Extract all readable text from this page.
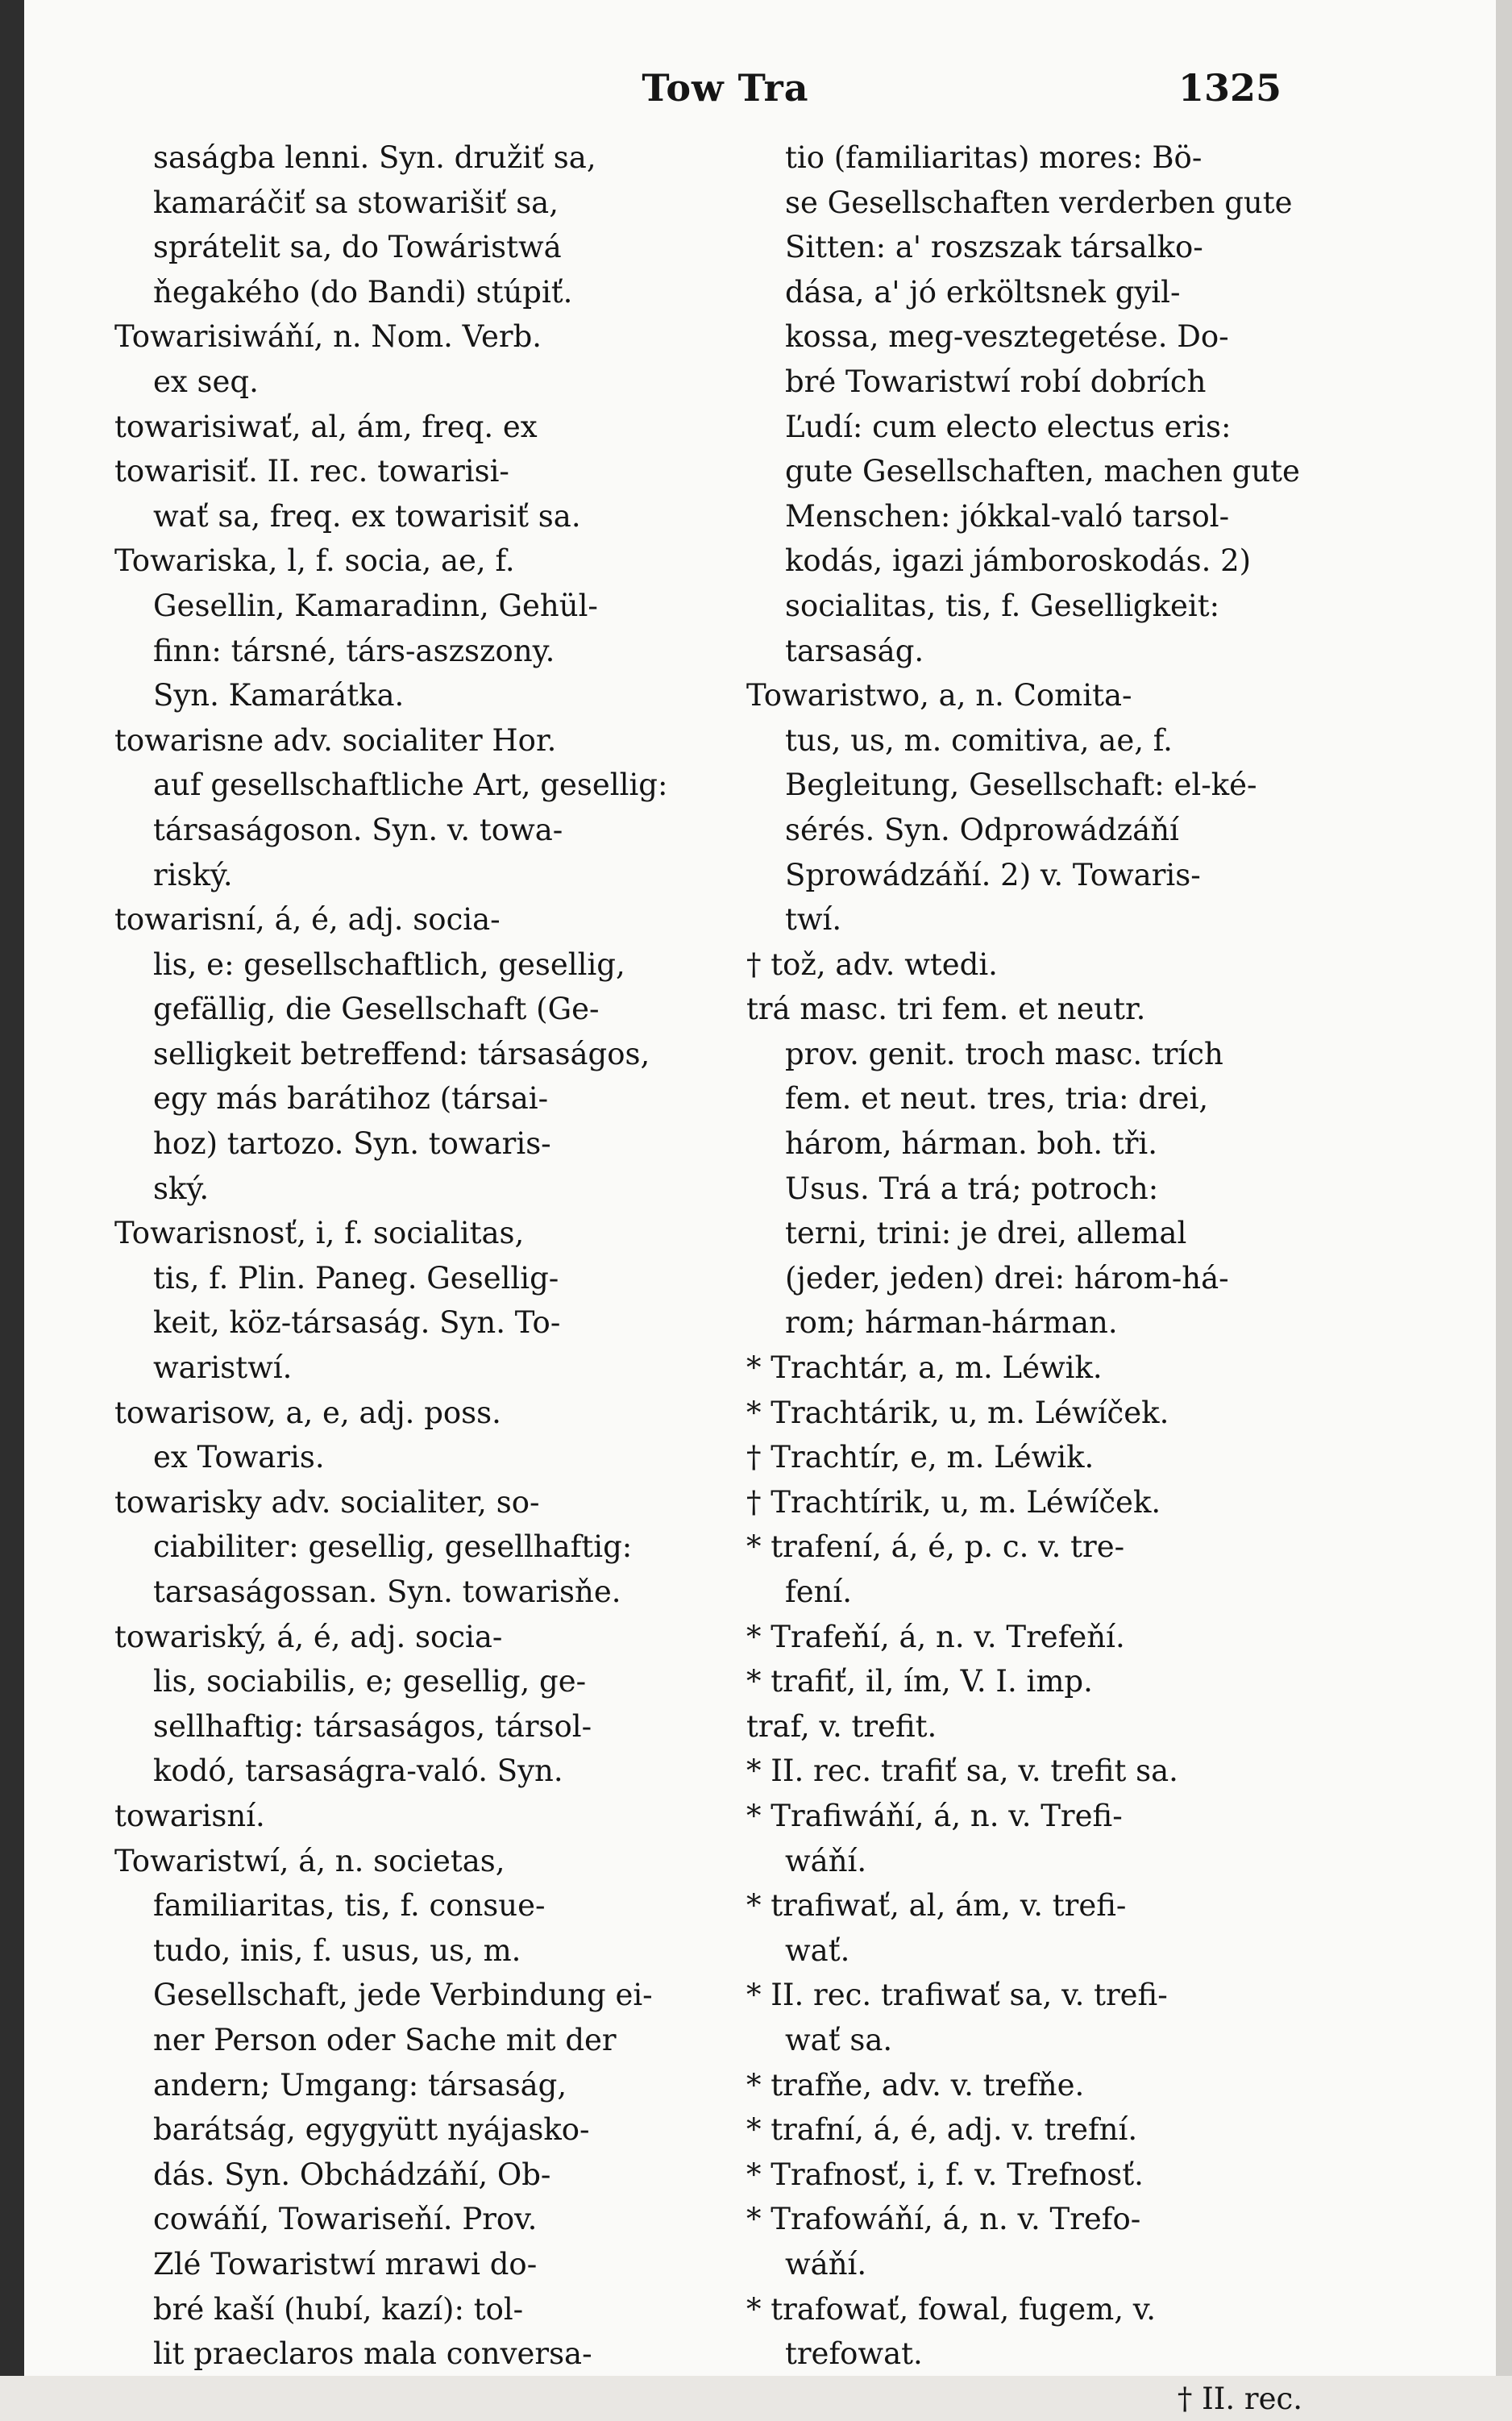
Tow Tra	1325
saságba lenni. Syn. družiť sa,
kamaráčiť sa stowarišiť sa,
sprátelit sa, do Towáristwá
ňegakého (do Bandi) stúpiť.
Towarisiwáňí, n. Nom. Verb.
ex seq.
towarisiwať, al, ám, freq. ex
towarisiť. II. rec. towarisi-
wať sa, freq. ex towarisiť sa.
Towariska, l, f. socia, ae, f.
Gesellin, Kamaradinn, Gehül-
finn: társné, társ-aszszony.
Syn. Kamarátka.
towarisne adv. socialiter Hor.
auf gesellschaftliche Art, gesellig:
társaságoson. Syn. v. towa-
riský.
towarisní, á, é, adj. socia-
lis, e: gesellschaftlich, gesellig,
gefällig, die Gesellschaft (Ge-
selligkeit betreffend: társaságos,
egy más barátihoz (társai-
hoz) tartozo. Syn. towaris-
ský.
Towarisnosť, i, f. socialitas,
tis, f. Plin. Paneg. Gesellig-
keit, köz-társaság. Syn. To-
waristwí.
towarisow, a, e, adj. poss.
ex Towaris.
towarisky adv. socialiter, so-
ciabiliter: gesellig, gesellhaftig:
tarsaságossan. Syn. towarisňe.
towariský, á, é, adj. socia-
lis, sociabilis, e; gesellig, ge-
sellhaftig: társaságos, társol-
kodó, tarsaságra-való. Syn.
towarisní.
Towaristwí, á, n. societas,
familiaritas, tis, f. consue-
tudo, inis, f. usus, us, m.
Gesellschaft, jede Verbindung ei-
ner Person oder Sache mit der
andern; Umgang: társaság,
barátság, egygyütt nyájasko-
dás. Syn. Obchádzáňí, Ob-
cowáňí, Towariseňí. Prov.
Zlé Towaristwí mrawi do-
bré kaší (hubí, kazí): tol-
lit praeclaros mala conversa-
tio (familiaritas) mores: Bö-
se Gesellschaften verderben gute
Sitten: a' roszszak társalko-
dása, a' jó erköltsnek gyil-
kossa, meg-vesztegetése. Do-
bré Towaristwí robí dobrích
Ľudí: cum electo electus eris:
gute Gesellschaften, machen gute
Menschen: jókkal-való tarsol-
kodás, igazi jámboroskodás. 2)
socialitas, tis, f. Geselligkeit:
tarsaság.
Towaristwo, a, n. Comita-
tus, us, m. comitiva, ae, f.
Begleitung, Gesellschaft: el-ké-
sérés. Syn. Odprowádzáňí
Sprowádzáňí. 2) v. Towaris-
twí.
† tož, adv. wtedi.
trá masc. tri fem. et neutr.
prov. genit. troch masc. trích
fem. et neut. tres, tria: drei,
három, hárman. boh. tři.
Usus. Trá a trá; potroch:
terni, trini: je drei, allemal
(jeder, jeden) drei: három-há-
rom; hárman-hárman.
* Trachtár, a, m. Léwik.
* Trachtárik, u, m. Léwíček.
† Trachtír, e, m. Léwik.
† Trachtírik, u, m. Léwíček.
* trafení, á, é, p. c. v. tre-
fení.
* Trafeňí, á, n. v. Trefeňí.
* trafiť, il, ím, V. I. imp.
traf, v. trefit.
* II. rec. trafiť sa, v. trefit sa.
* Trafiwáňí, á, n. v. Trefi-
wáňí.
* trafiwať, al, ám, v. trefi-
wať.
* II. rec. trafiwať sa, v. trefi-
wať sa.
* trafňe, adv. v. trefňe.
* trafní, á, é, adj. v. trefní.
* Trafnosť, i, f. v. Trefnosť.
* Trafowáňí, á, n. v. Trefo-
wáňí.
* trafowať, fowal, fugem, v.
trefowat.
† II. rec.
